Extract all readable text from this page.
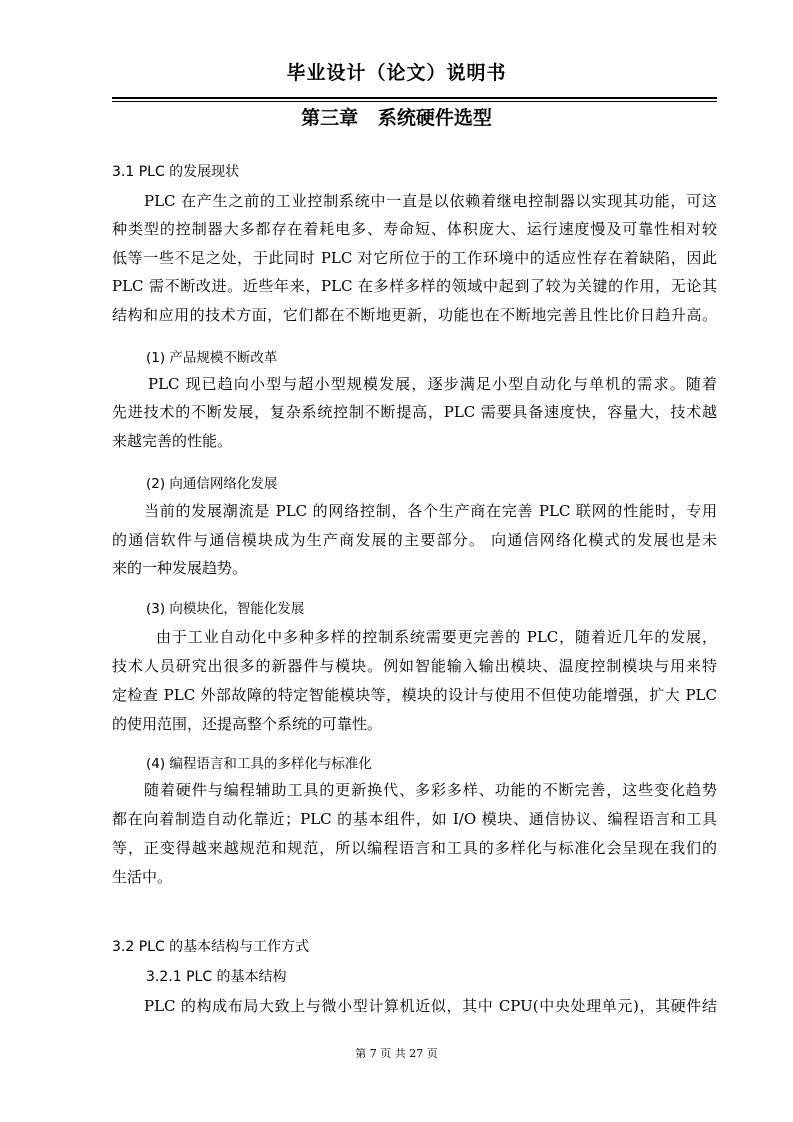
毕业设计（论文）说明书
第三章   系统硬件选型
3.1 PLC 的发展现状
PLC 在产生之前的工业控制系统中一直是以依赖着继电控制器以实现其功能，可这
种类型的控制器大多都存在着耗电多、寿命短、体积庞大、运行速度慢及可靠性相对较
低等一些不足之处，于此同时 PLC 对它所位于的工作环境中的适应性存在着缺陷，因此
PLC 需不断改进。近些年来，PLC 在多样多样的领域中起到了较为关键的作用，无论其
结构和应用的技术方面，它们都在不断地更新，功能也在不断地完善且性比价日趋升高。
(1) 产品规模不断改革
PLC 现已趋向小型与超小型规模发展，逐步满足小型自动化与单机的需求。随着
先进技术的不断发展，复杂系统控制不断提高，PLC 需要具备速度快，容量大，技术越
来越完善的性能。
(2) 向通信网络化发展
当前的发展潮流是 PLC 的网络控制，各个生产商在完善 PLC 联网的性能时，专用
的通信软件与通信模块成为生产商发展的主要部分。 向通信网络化模式的发展也是未
来的一种发展趋势。
(3) 向模块化，智能化发展
由于工业自动化中多种多样的控制系统需要更完善的 PLC，随着近几年的发展，
技术人员研究出很多的新器件与模块。例如智能输入输出模块、温度控制模块与用来特
定检查 PLC 外部故障的特定智能模块等，模块的设计与使用不但使功能增强，扩大 PLC
的使用范围，还提高整个系统的可靠性。
(4) 编程语言和工具的多样化与标准化
随着硬件与编程辅助工具的更新换代、多彩多样、功能的不断完善，这些变化趋势
都在向着制造自动化靠近；PLC 的基本组件，如 I/O 模块、通信协议、编程语言和工具
等，正变得越来越规范和规范，所以编程语言和工具的多样化与标准化会呈现在我们的
生活中。
3.2 PLC 的基本结构与工作方式
3.2.1 PLC 的基本结构
PLC 的构成布局大致上与微小型计算机近似，其中 CPU(中央处理单元)，其硬件结
第 7 页 共 27 页
